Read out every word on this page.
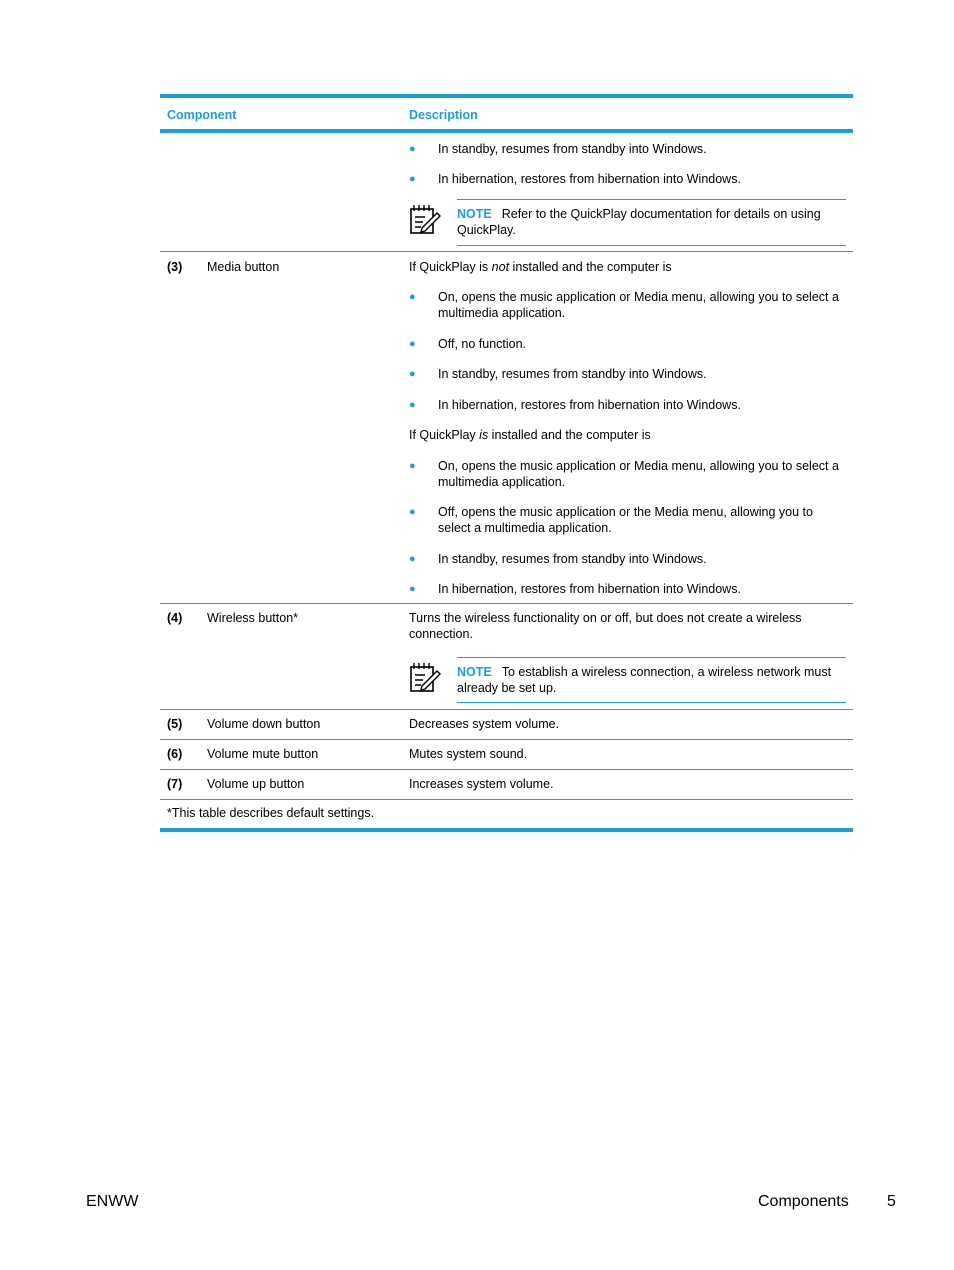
Component	Description
● In standby, resumes from standby into Windows.
● In hibernation, restores from hibernation into Windows.
NOTE Refer to the QuickPlay documentation for details on using QuickPlay.
(3) Media button	If QuickPlay is not installed and the computer is
● On, opens the music application or Media menu, allowing you to select a multimedia application.
● Off, no function.
● In standby, resumes from standby into Windows.
● In hibernation, restores from hibernation into Windows.
If QuickPlay is installed and the computer is
● On, opens the music application or Media menu, allowing you to select a multimedia application.
● Off, opens the music application or the Media menu, allowing you to select a multimedia application.
● In standby, resumes from standby into Windows.
● In hibernation, restores from hibernation into Windows.
(4) Wireless button*	Turns the wireless functionality on or off, but does not create a wireless connection.
NOTE To establish a wireless connection, a wireless network must already be set up.
(5) Volume down button	Decreases system volume.
(6) Volume mute button	Mutes system sound.
(7) Volume up button	Increases system volume.
*This table describes default settings.
ENWW	Components 5
